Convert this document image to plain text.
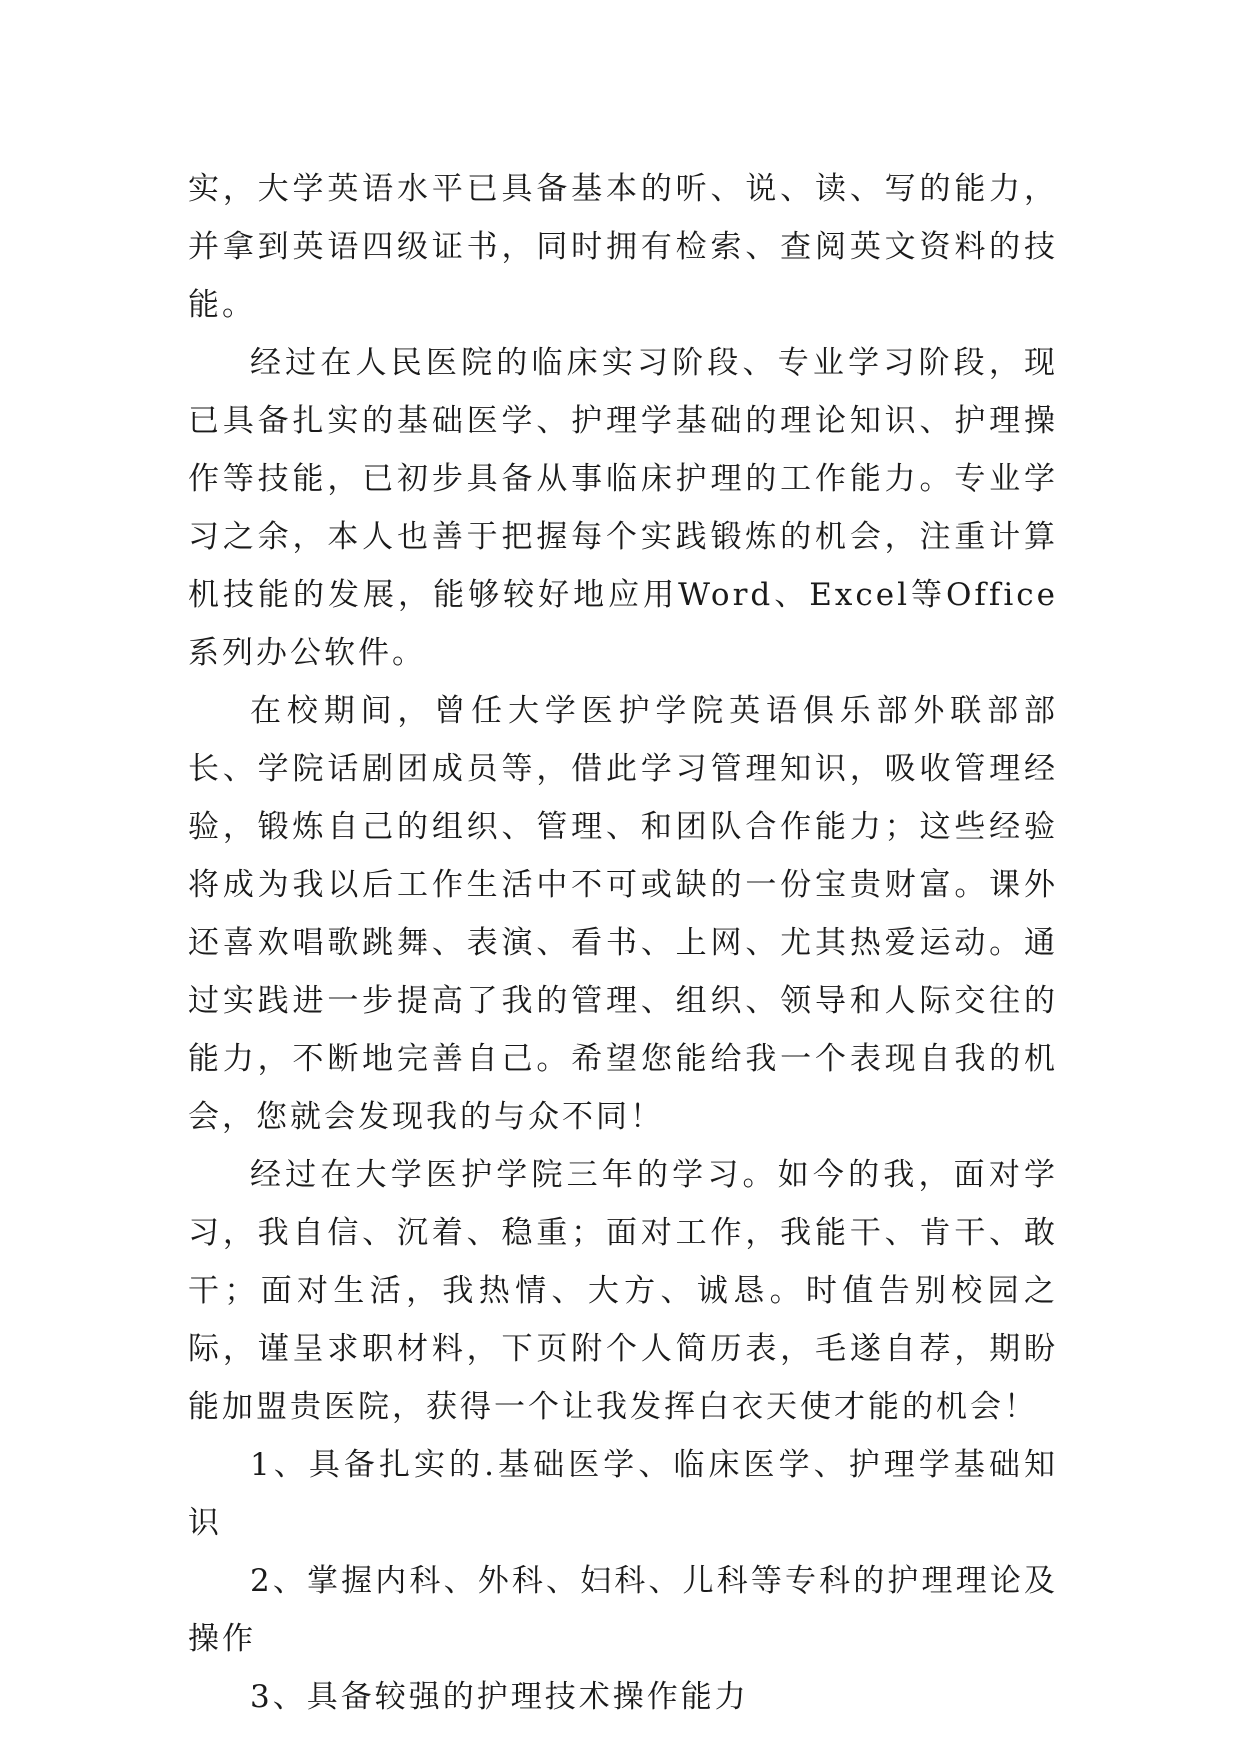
实，大学英语水平已具备基本的听、说、读、写的能力，并拿到英语四级证书，同时拥有检索、查阅英文资料的技能。

经过在人民医院的临床实习阶段、专业学习阶段，现已具备扎实的基础医学、护理学基础的理论知识、护理操作等技能，已初步具备从事临床护理的工作能力。专业学习之余，本人也善于把握每个实践锻炼的机会，注重计算机技能的发展，能够较好地应用Word、Excel等Office系列办公软件。

在校期间，曾任大学医护学院英语俱乐部外联部部长、学院话剧团成员等，借此学习管理知识，吸收管理经验，锻炼自己的组织、管理、和团队合作能力；这些经验将成为我以后工作生活中不可或缺的一份宝贵财富。课外还喜欢唱歌跳舞、表演、看书、上网、尤其热爱运动。通过实践进一步提高了我的管理、组织、领导和人际交往的能力，不断地完善自己。希望您能给我一个表现自我的机会，您就会发现我的与众不同！

经过在大学医护学院三年的学习。如今的我，面对学习，我自信、沉着、稳重；面对工作，我能干、肯干、敢干；面对生活，我热情、大方、诚恳。时值告别校园之际，谨呈求职材料，下页附个人简历表，毛遂自荐，期盼能加盟贵医院，获得一个让我发挥白衣天使才能的机会！

1、具备扎实的.基础医学、临床医学、护理学基础知识

2、掌握内科、外科、妇科、儿科等专科的护理理论及操作

3、具备较强的护理技术操作能力
